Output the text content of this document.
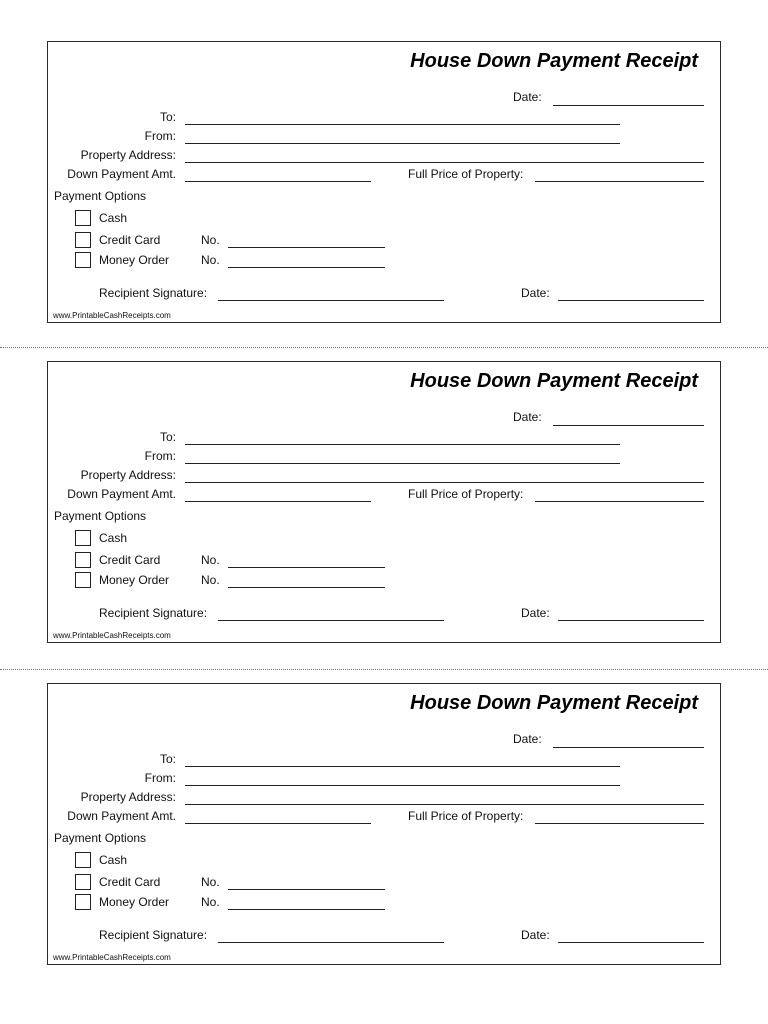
House Down Payment Receipt
Date:
To:
From:
Property Address:
Down Payment Amt.	Full Price of Property:
Payment Options
Cash
Credit Card	No.
Money Order	No.
Recipient Signature:	Date:
www.PrintableCashReceipts.com
House Down Payment Receipt
Date:
To:
From:
Property Address:
Down Payment Amt.	Full Price of Property:
Payment Options
Cash
Credit Card	No.
Money Order	No.
Recipient Signature:	Date:
www.PrintableCashReceipts.com
House Down Payment Receipt
Date:
To:
From:
Property Address:
Down Payment Amt.	Full Price of Property:
Payment Options
Cash
Credit Card	No.
Money Order	No.
Recipient Signature:	Date:
www.PrintableCashReceipts.com
